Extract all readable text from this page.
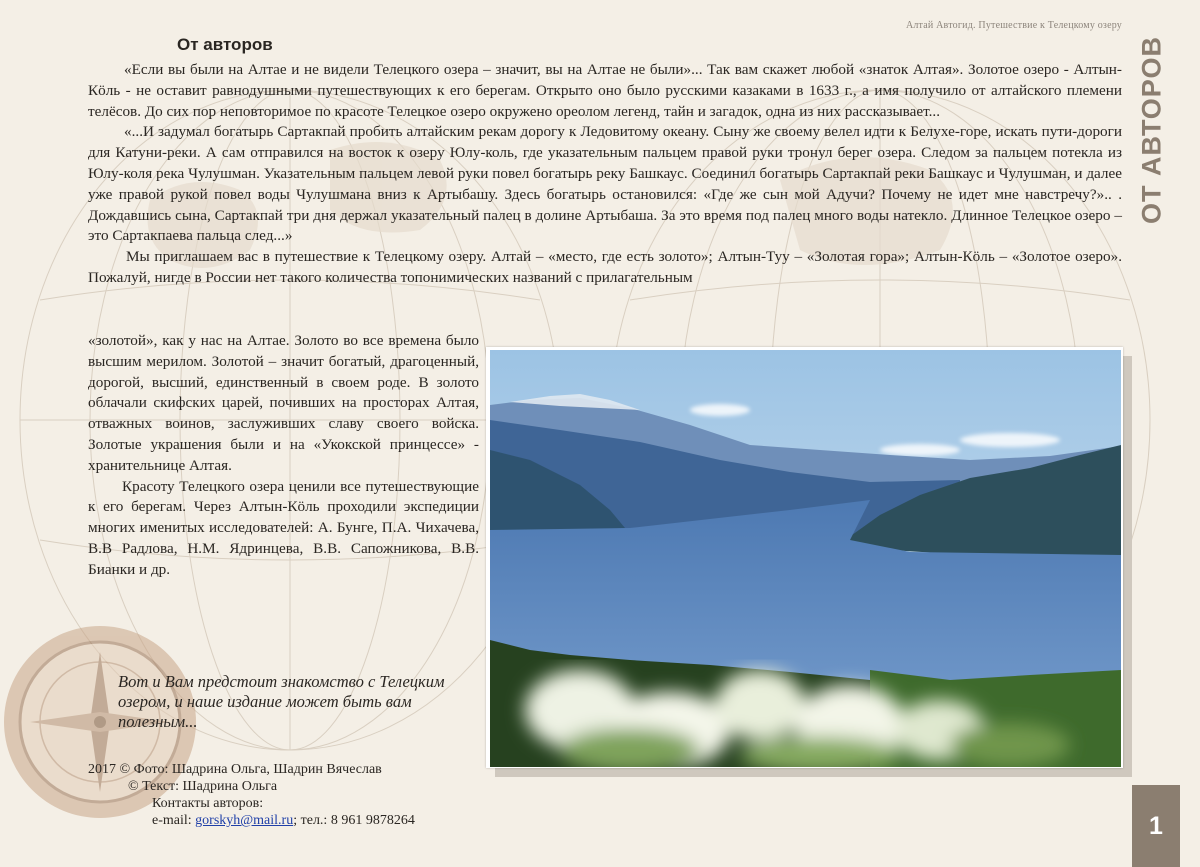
Алтай Автогид. Путешествие к Телецкому озеру
ОТ АВТОРОВ
От авторов

«Если вы были на Алтае и не видели Телецкого озера – значит, вы на Алтае не были»... Так вам скажет любой «знаток Алтая». Золотое озеро - Алтын-Кöль - не оставит равнодушными путешествующих к его берегам. Открыто оно было русскими казаками в 1633 г., а имя получило от алтайского племени телёсов. До сих пор неповторимое по красоте Телецкое озеро окружено ореолом легенд, тайн и загадок, одна из них рассказывает...

«...И задумал богатырь Сартакпай пробить алтайским рекам дорогу к Ледовитому океану. Сыну же своему велел идти к Белухе-горе, искать пути-дороги для Катуни-реки. А сам отправился на восток к озеру Юлу-коль, где указательным пальцем правой руки тронул берег озера. Следом за пальцем потекла из Юлу-коля река Чулушман. Указательным пальцем левой руки повел богатырь реку Башкаус. Соединил богатырь Сартакпай реки Башкаус и Чулушман, и далее уже правой рукой повел воды Чулушмана вниз к Артыбашу. Здесь богатырь остановился: «Где же сын мой Адучи? Почему не идет мне навстречу?».. . Дождавшись сына, Сартакпай три дня держал указательный палец в долине Артыбаша. За это время под палец много воды натекло. Длинное Телецкое озеро – это Сартакпаева пальца след...»

Мы приглашаем вас в путешествие к Телецкому озеру. Алтай – «место, где есть золото»; Алтын-Туу – «Золотая гора»; Алтын-Кöль – «Золотое озеро». Пожалуй, нигде в России нет такого количества топонимических названий с прилагательным

«золотой», как у нас на Алтае. Золото во все времена было высшим мерилом. Золотой – значит богатый, драгоценный, дорогой, высший, единственный в своем роде. В золото облачали скифских царей, почивших на просторах Алтая, отважных воинов, заслуживших славу своего войска. Золотые украшения были и на «Укокской принцессе» - хранительнице Алтая.

Красоту Телецкого озера ценили все путешествующие к его берегам. Через Алтын-Кöль проходили экспедиции многих именитых исследователей: А. Бунге, П.А. Чихачева, В.В Радлова, Н.М. Ядринцева, В.В. Сапожникова, В.В. Бианки и др.

Вот и Вам предстоит знакомство с Телецким озером, и наше издание может быть вам полезным...
2017 © Фото: Шадрина Ольга, Шадрин Вячеслав
© Текст: Шадрина Ольга
Контакты авторов:
e-mail: gorskyh@mail.ru; тел.: 8 961 9878264	1
